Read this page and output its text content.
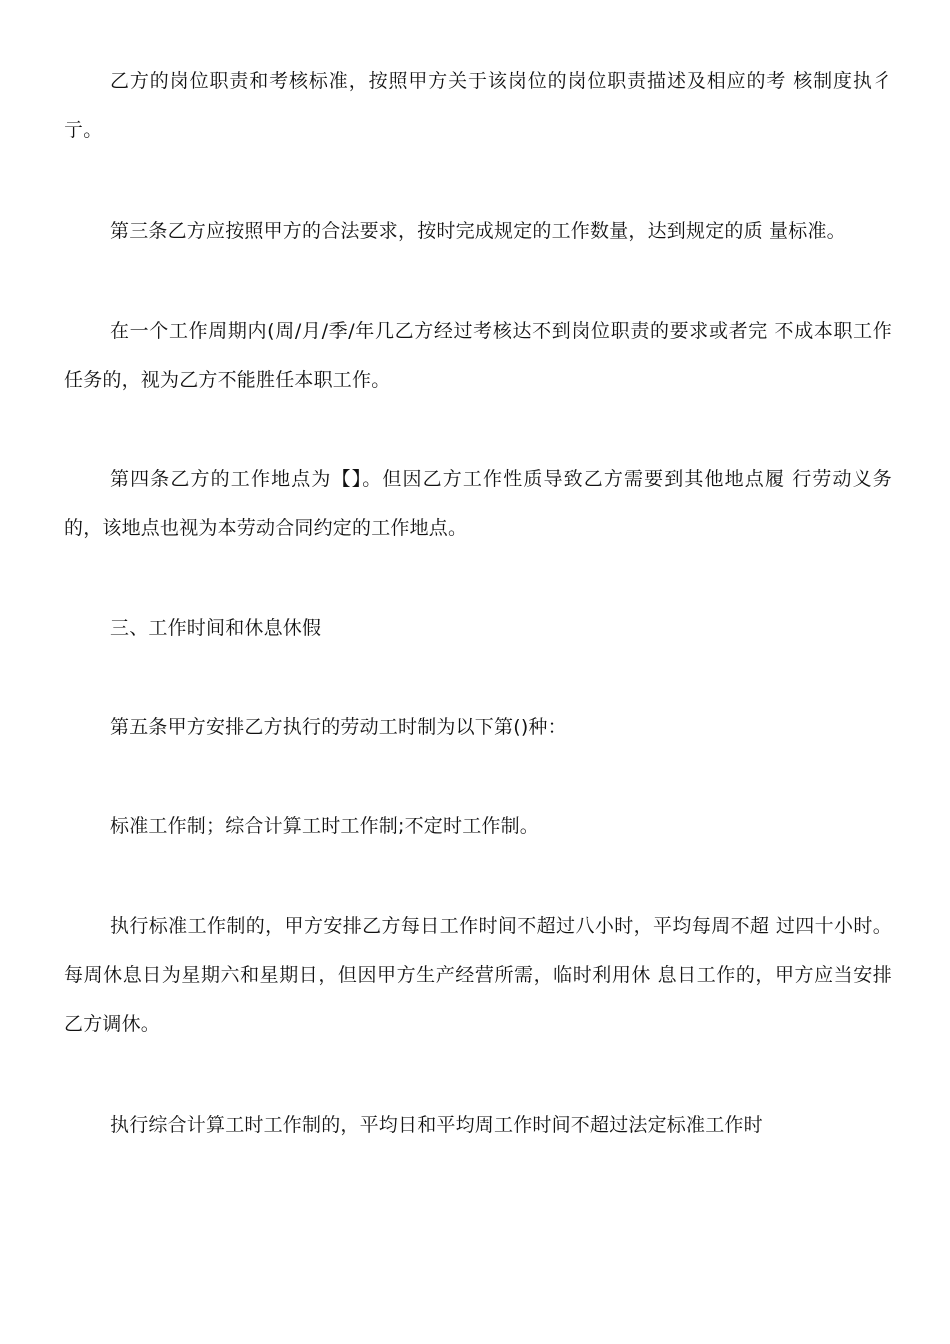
乙方的岗位职责和考核标准，按照甲方关于该岗位的岗位职责描述及相应的考 核制度执彳亍。

第三条乙方应按照甲方的合法要求，按时完成规定的工作数量，达到规定的质 量标准。

在一个工作周期内(周/月/季/年几乙方经过考核达不到岗位职责的要求或者完 不成本职工作任务的，视为乙方不能胜任本职工作。

第四条乙方的工作地点为【】。但因乙方工作性质导致乙方需要到其他地点履 行劳动义务的，该地点也视为本劳动合同约定的工作地点。

三、工作时间和休息休假

第五条甲方安排乙方执行的劳动工时制为以下第()种：

标准工作制；综合计算工时工作制;不定时工作制。

执行标准工作制的，甲方安排乙方每日工作时间不超过八小时，平均每周不超 过四十小时。每周休息日为星期六和星期日，但因甲方生产经营所需，临时利用休 息日工作的，甲方应当安排乙方调休。

执行综合计算工时工作制的，平均日和平均周工作时间不超过法定标准工作时
